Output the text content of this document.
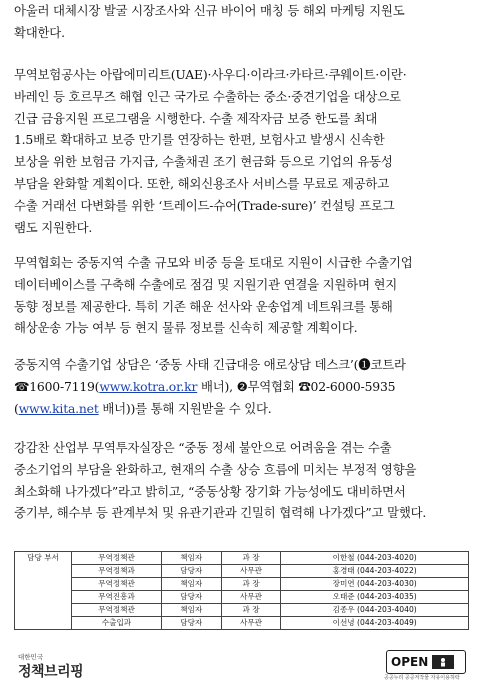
아울러 대체시장 발굴 시장조사와 신규 바이어 매칭 등 해외 마케팅 지원도
확대한다.
무역보험공사는 아랍에미리트(UAE)·사우디·이라크·카타르·쿠웨이트·이란·
바레인 등 호르무즈 해협 인근 국가로 수출하는 중소·중견기업을 대상으로
긴급 금융지원 프로그램을 시행한다. 수출 제작자금 보증 한도를 최대
1.5배로 확대하고 보증 만기를 연장하는 한편, 보험사고 발생시 신속한
보상을 위한 보험금 가지급, 수출채권 조기 현금화 등으로 기업의 유동성
부담을 완화할 계획이다. 또한, 해외신용조사 서비스를 무료로 제공하고
수출 거래선 다변화를 위한 ‘트레이드-슈어(Trade-sure)’ 컨설팅 프로그
램도 지원한다.
무역협회는 중동지역 수출 규모와 비중 등을 토대로 지원이 시급한 수출기업
데이터베이스를 구축해 수출에로 점검 및 지원기관 연결을 지원하며 현지
동향 정보를 제공한다. 특히 기존 해운 선사와 운송업계 네트워크를 통해
해상운송 가능 여부 등 현지 물류 정보를 신속히 제공할 계획이다.
중동지역 수출기업 상담은 ‘중동 사태 긴급대응 애로상담 데스크’(❶코트라
☎1600-7119(www.kotra.or.kr 배너), ❷무역협회 ☎02-6000-5935
(www.kita.net 배너))를 통해 지원받을 수 있다.
강감찬 산업부 무역투자실장은 “중동 정세 불안으로 어려움을 겪는 수출
중소기업의 부담을 완화하고, 현재의 수출 상승 흐름에 미치는 부정적 영향을
최소화해 나가겠다”라고 밝히고, “중동상황 장기화 가능성에도 대비하면서
중기부, 해수부 등 관계부처 및 유관기관과 긴밀히 협력해 나가겠다”고 말했다.
담당 부서	무역정책관	책임자	과 장	이한철 (044-203-4020)
	무역정책과	담당자	사무관	홍경태 (044-203-4022)
	무역정책관	책임자	과 장	장미연 (044-203-4030)
	무역진흥과	담당자	사무관	오태준 (044-203-4035)
	무역정책관	책임자	과 장	김종우 (044-203-4040)
	수출입과	담당자	사무관	이선녕 (044-203-4049)
대한민국
정책브리핑
OPEN
공공누리 공공저작물 자유이용허락
